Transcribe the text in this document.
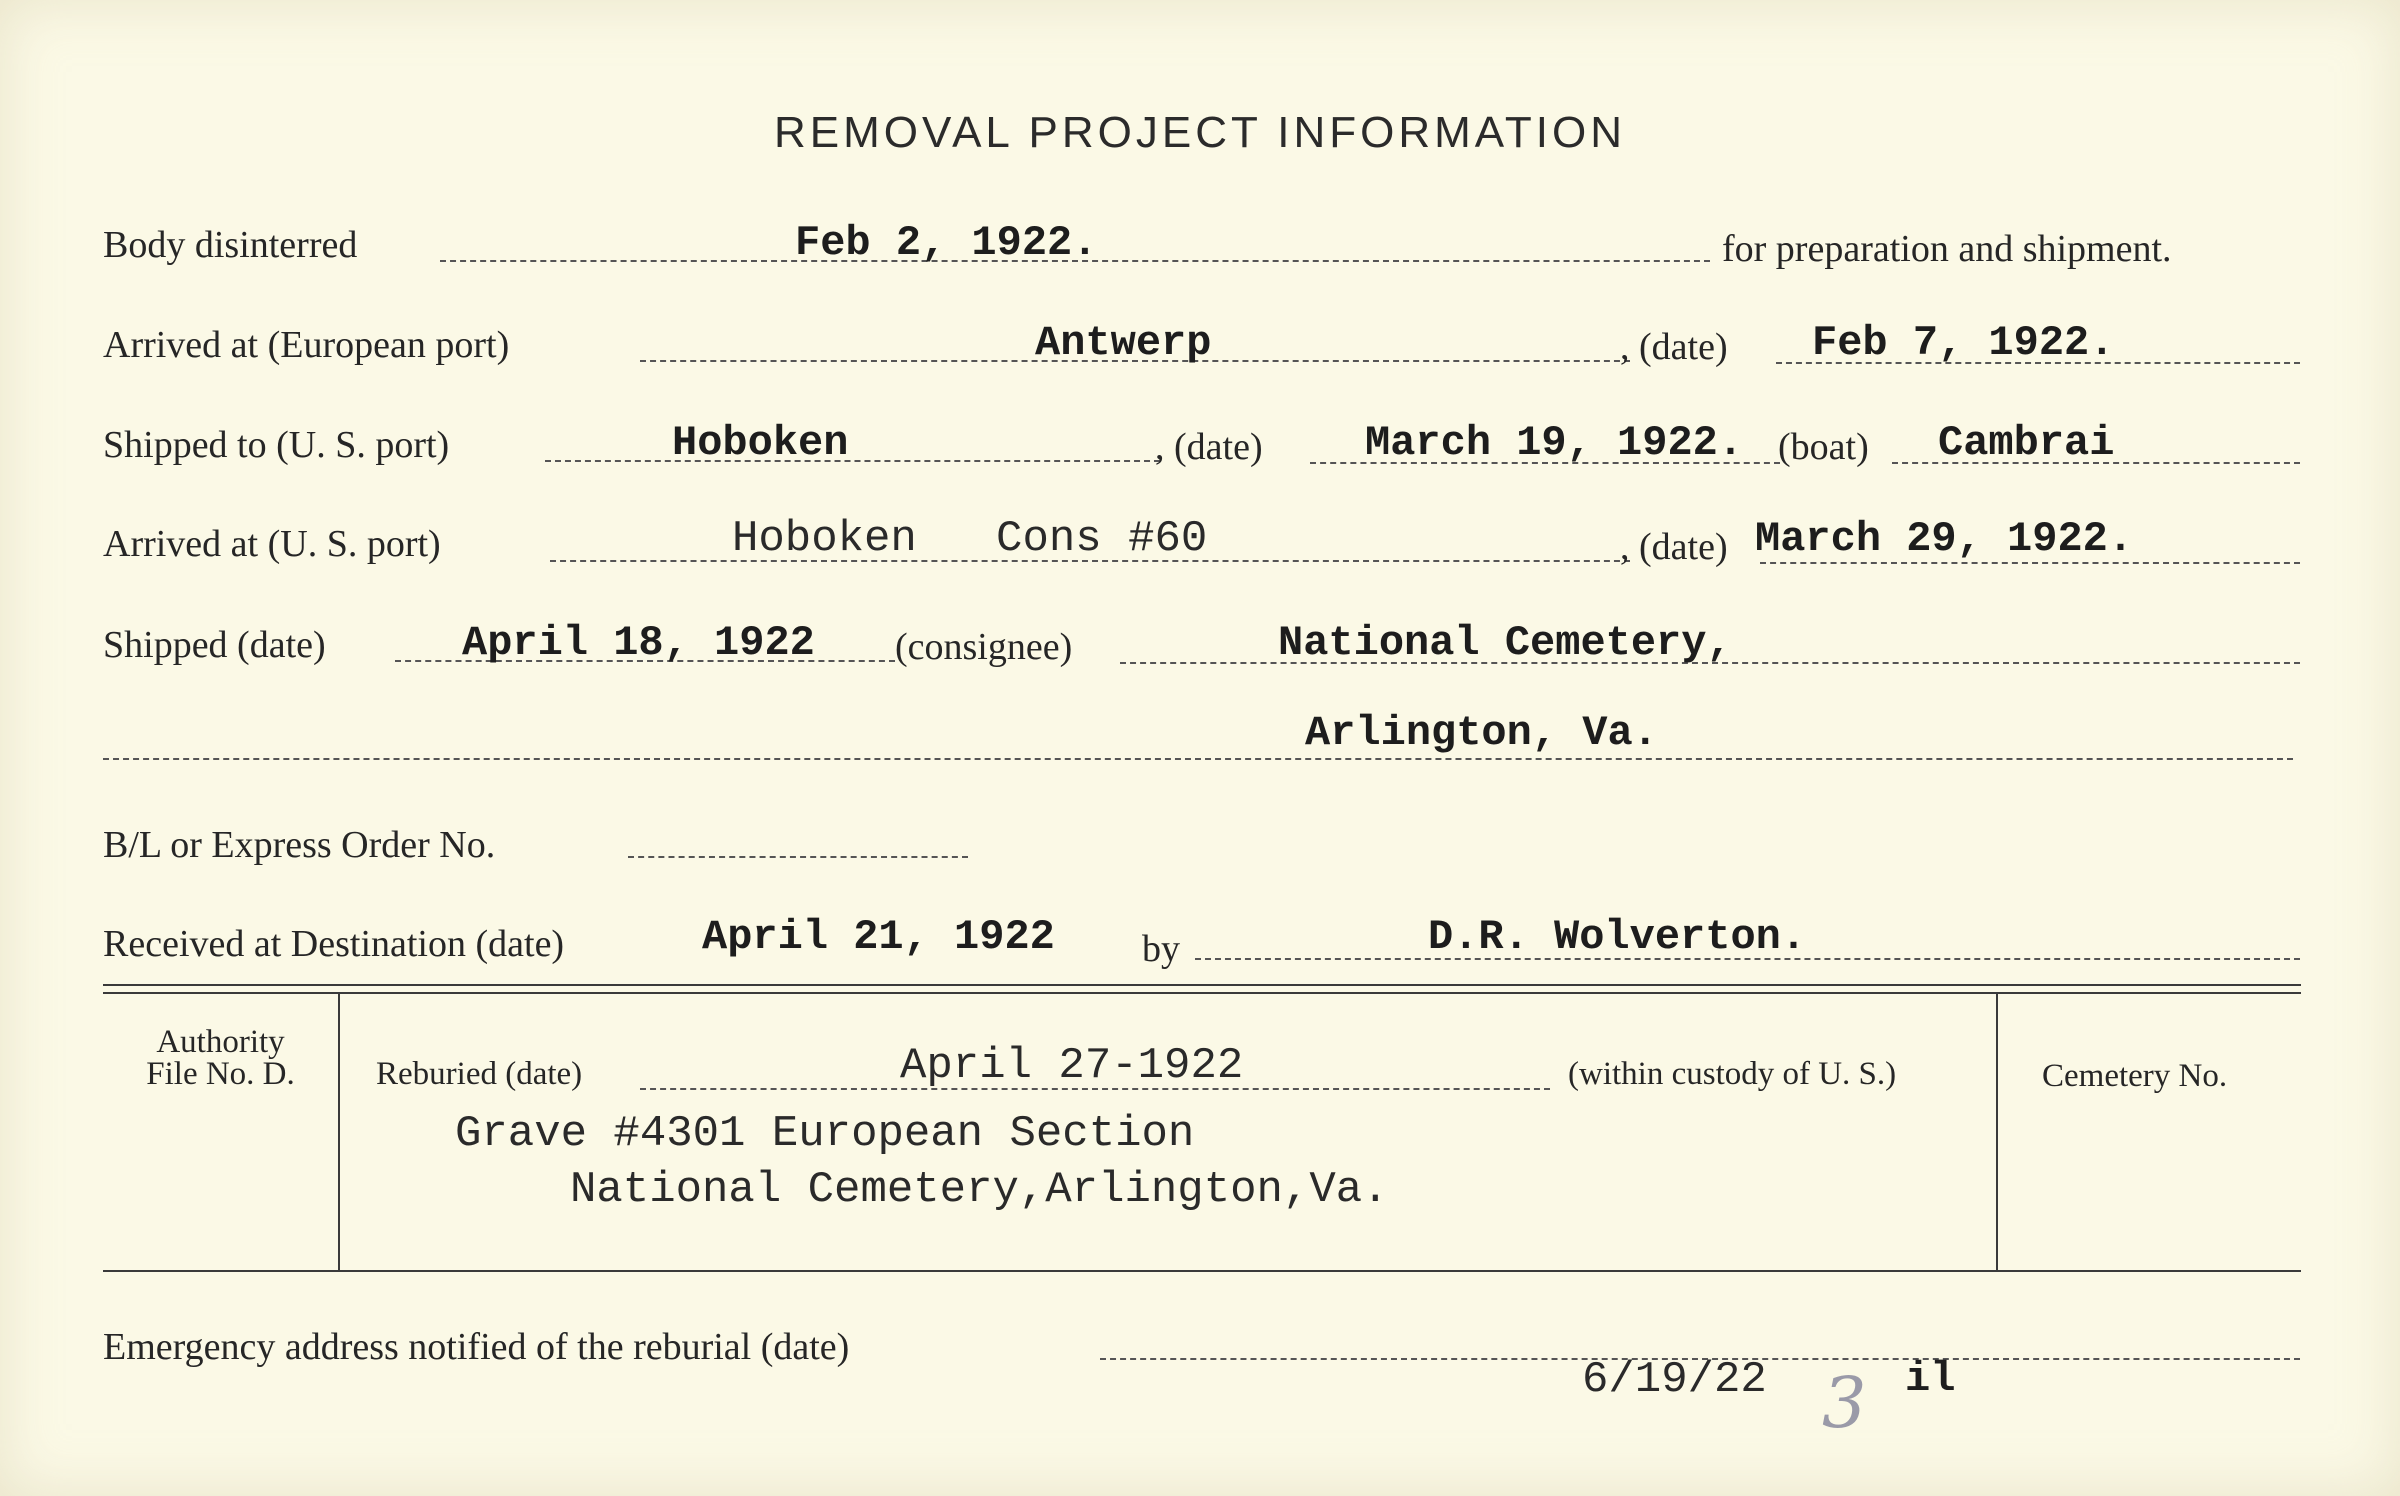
REMOVAL PROJECT INFORMATION
Body disinterred	Feb 2, 1922.	for preparation and shipment.
Arrived at (European port)	Antwerp	, (date) Feb 7, 1922.
Shipped to (U. S. port)	Hoboken	, (date) March 19, 1922. (boat) Cambrai
Arrived at (U. S. port)	Hoboken   Cons #60	, (date) March 29, 1922.
Shipped (date)	April 18, 1922 (consignee)	National Cemetery,
Arlington, Va.
B/L or Express Order No.
Received at Destination (date)	April 21, 1922 by	D.R. Wolverton.
Authority
File No. D.	Reburied (date)	April 27-1922	(within custody of U. S.)	Cemetery No.
Grave #4301 European Section
National Cemetery,Arlington,Va.
Emergency address notified of the reburial (date)
6/19/22 3 il
